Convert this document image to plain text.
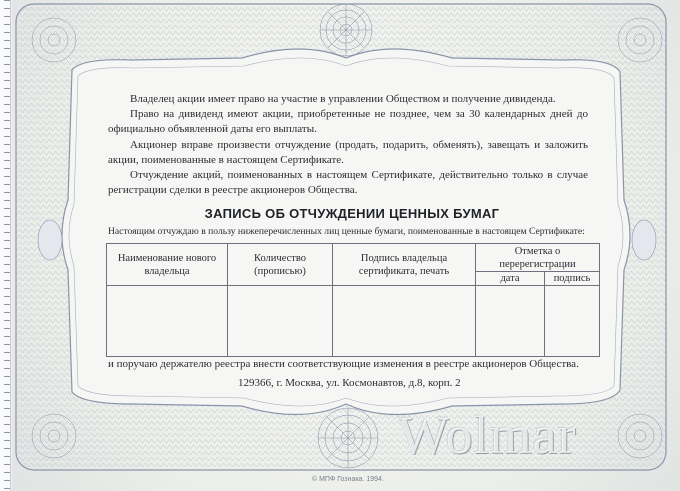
Владелец акции имеет право на участие в управлении Обществом и получение дивиденда.

Право на дивиденд имеют акции, приобретенные не позднее, чем за 30 календарных дней до официально объявленной даты его выплаты.

Акционер вправе произвести отчуждение (продать, подарить, обменять), завещать и заложить акции, поименованные в настоящем Сертификате.

Отчуждение акций, поименованных в настоящем Сертификате, действительно только в случае регистрации сделки в реестре акционеров Общества.

ЗАПИСЬ ОБ ОТЧУЖДЕНИИ ЦЕННЫХ БУМАГ
Настоящим отчуждаю в пользу нижеперечисленных лиц ценные бумаги, поименованные в настоящем Сертификате:
Наименование нового владельца	Количество (прописью)	Подпись владельца сертификата, печать	Отметка о перерегистрации	
			дата	подпись

и поручаю держателю реестра внести соответствующие изменения в реестре акционеров Общества.
129366, г. Москва, ул. Космонавтов, д.8, корп. 2
© МПФ Гознака. 1994.
Wolmar
